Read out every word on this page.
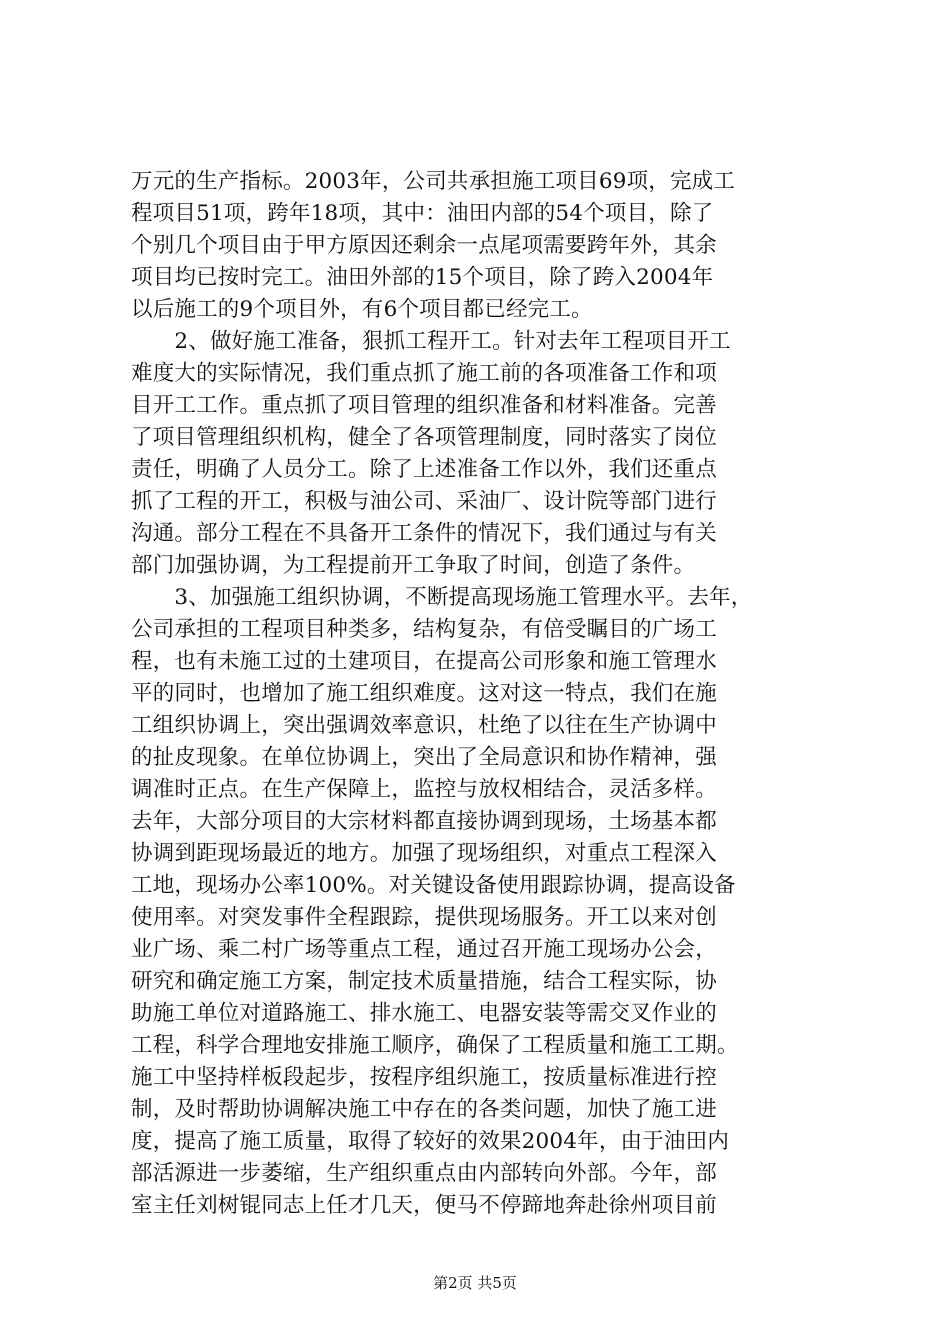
万元的生产指标。2003年，公司共承担施工项目69项，完成工
程项目51项，跨年18项，其中：油田内部的54个项目，除了
个别几个项目由于甲方原因还剩余一点尾项需要跨年外，其余
项目均已按时完工。油田外部的15个项目，除了跨入2004年
以后施工的9个项目外，有6个项目都已经完工。

　　2、做好施工准备，狠抓工程开工。针对去年工程项目开工
难度大的实际情况，我们重点抓了施工前的各项准备工作和项
目开工工作。重点抓了项目管理的组织准备和材料准备。完善
了项目管理组织机构，健全了各项管理制度，同时落实了岗位
责任，明确了人员分工。除了上述准备工作以外，我们还重点
抓了工程的开工，积极与油公司、采油厂、设计院等部门进行
沟通。部分工程在不具备开工条件的情况下，我们通过与有关
部门加强协调，为工程提前开工争取了时间，创造了条件。

　　3、加强施工组织协调，不断提高现场施工管理水平。去年，
公司承担的工程项目种类多，结构复杂，有倍受瞩目的广场工
程，也有未施工过的土建项目，在提高公司形象和施工管理水
平的同时，也增加了施工组织难度。这对这一特点，我们在施
工组织协调上，突出强调效率意识，杜绝了以往在生产协调中
的扯皮现象。在单位协调上，突出了全局意识和协作精神，强
调准时正点。在生产保障上，监控与放权相结合，灵活多样。
去年，大部分项目的大宗材料都直接协调到现场，土场基本都
协调到距现场最近的地方。加强了现场组织，对重点工程深入
工地，现场办公率100%。对关键设备使用跟踪协调，提高设备
使用率。对突发事件全程跟踪，提供现场服务。开工以来对创
业广场、乘二村广场等重点工程，通过召开施工现场办公会，
研究和确定施工方案，制定技术质量措施，结合工程实际，协
助施工单位对道路施工、排水施工、电器安装等需交叉作业的
工程，科学合理地安排施工顺序，确保了工程质量和施工工期。
施工中坚持样板段起步，按程序组织施工，按质量标准进行控
制，及时帮助协调解决施工中存在的各类问题，加快了施工进
度，提高了施工质量，取得了较好的效果2004年，由于油田内
部活源进一步萎缩，生产组织重点由内部转向外部。今年，部
室主任刘树锟同志上任才几天，便马不停蹄地奔赴徐州项目前

第2页 共5页
